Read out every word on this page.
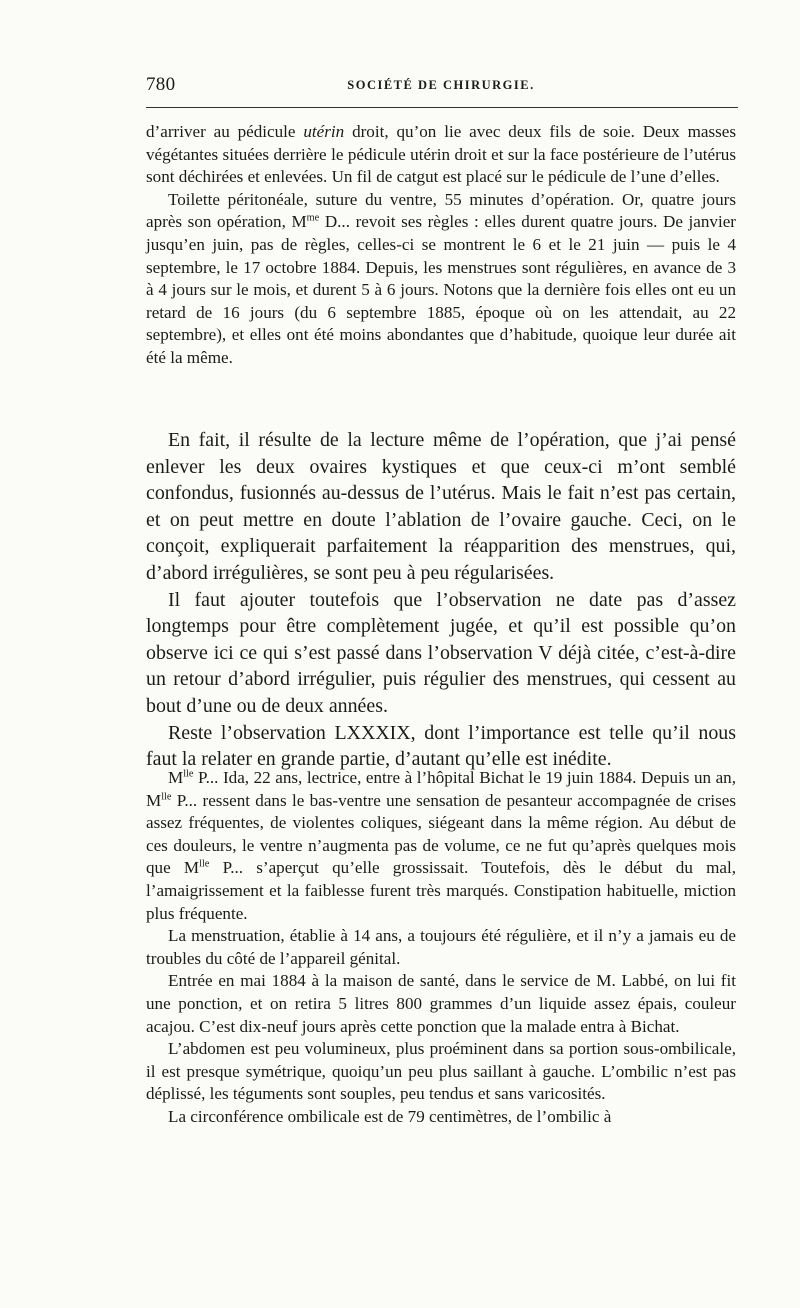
780	SOCIÉTÉ DE CHIRURGIE.

d’arriver au pédicule utérin droit, qu’on lie avec deux fils de soie. Deux masses végétantes situées derrière le pédicule utérin droit et sur la face postérieure de l’utérus sont déchirées et enlevées. Un fil de catgut est placé sur le pédicule de l’une d’elles.

Toilette péritonéale, suture du ventre, 55 minutes d’opération. Or, quatre jours après son opération, $M^{me}$ D... revoit ses règles : elles durent quatre jours. De janvier jusqu’en juin, pas de règles, celles-ci se montrent le 6 et le 21 juin — puis le 4 septembre, le 17 octobre 1884. Depuis, les menstrues sont régulières, en avance de 3 à 4 jours sur le mois, et durent 5 à 6 jours. Notons que la dernière fois elles ont eu un retard de 16 jours (du 6 septembre 1885, époque où on les attendait, au 22 septembre), et elles ont été moins abondantes que d’habitude, quoique leur durée ait été la même.

En fait, il résulte de la lecture même de l’opération, que j’ai pensé enlever les deux ovaires kystiques et que ceux-ci m’ont semblé confondus, fusionnés au-dessus de l’utérus. Mais le fait n’est pas certain, et on peut mettre en doute l’ablation de l’ovaire gauche. Ceci, on le conçoit, expliquerait parfaitement la réapparition des menstrues, qui, d’abord irrégulières, se sont peu à peu régularisées.

Il faut ajouter toutefois que l’observation ne date pas d’assez longtemps pour être complètement jugée, et qu’il est possible qu’on observe ici ce qui s’est passé dans l’observation V déjà citée, c’est-à-dire un retour d’abord irrégulier, puis régulier des menstrues, qui cessent au bout d’une ou de deux années.

Reste l’observation LXXXIX, dont l’importance est telle qu’il nous faut la relater en grande partie, d’autant qu’elle est inédite.

$M^{lle}$ P... Ida, 22 ans, lectrice, entre à l’hôpital Bichat le 19 juin 1884. Depuis un an, $M^{lle}$ P... ressent dans le bas-ventre une sensation de pesanteur accompagnée de crises assez fréquentes, de violentes coliques, siégeant dans la même région. Au début de ces douleurs, le ventre n’augmenta pas de volume, ce ne fut qu’après quelques mois que $M^{lle}$ P... s’aperçut qu’elle grossissait. Toutefois, dès le début du mal, l’amaigrissement et la faiblesse furent très marqués. Constipation habituelle, miction plus fréquente.

La menstruation, établie à 14 ans, a toujours été régulière, et il n’y a jamais eu de troubles du côté de l’appareil génital.

Entrée en mai 1884 à la maison de santé, dans le service de M. Labbé, on lui fit une ponction, et on retira 5 litres 800 grammes d’un liquide assez épais, couleur acajou. C’est dix-neuf jours après cette ponction que la malade entra à Bichat.

L’abdomen est peu volumineux, plus proéminent dans sa portion sous-ombilicale, il est presque symétrique, quoiqu’un peu plus saillant à gauche. L’ombilic n’est pas déplissé, les téguments sont souples, peu tendus et sans varicosités.

La circonférence ombilicale est de 79 centimètres, de l’ombilic à
